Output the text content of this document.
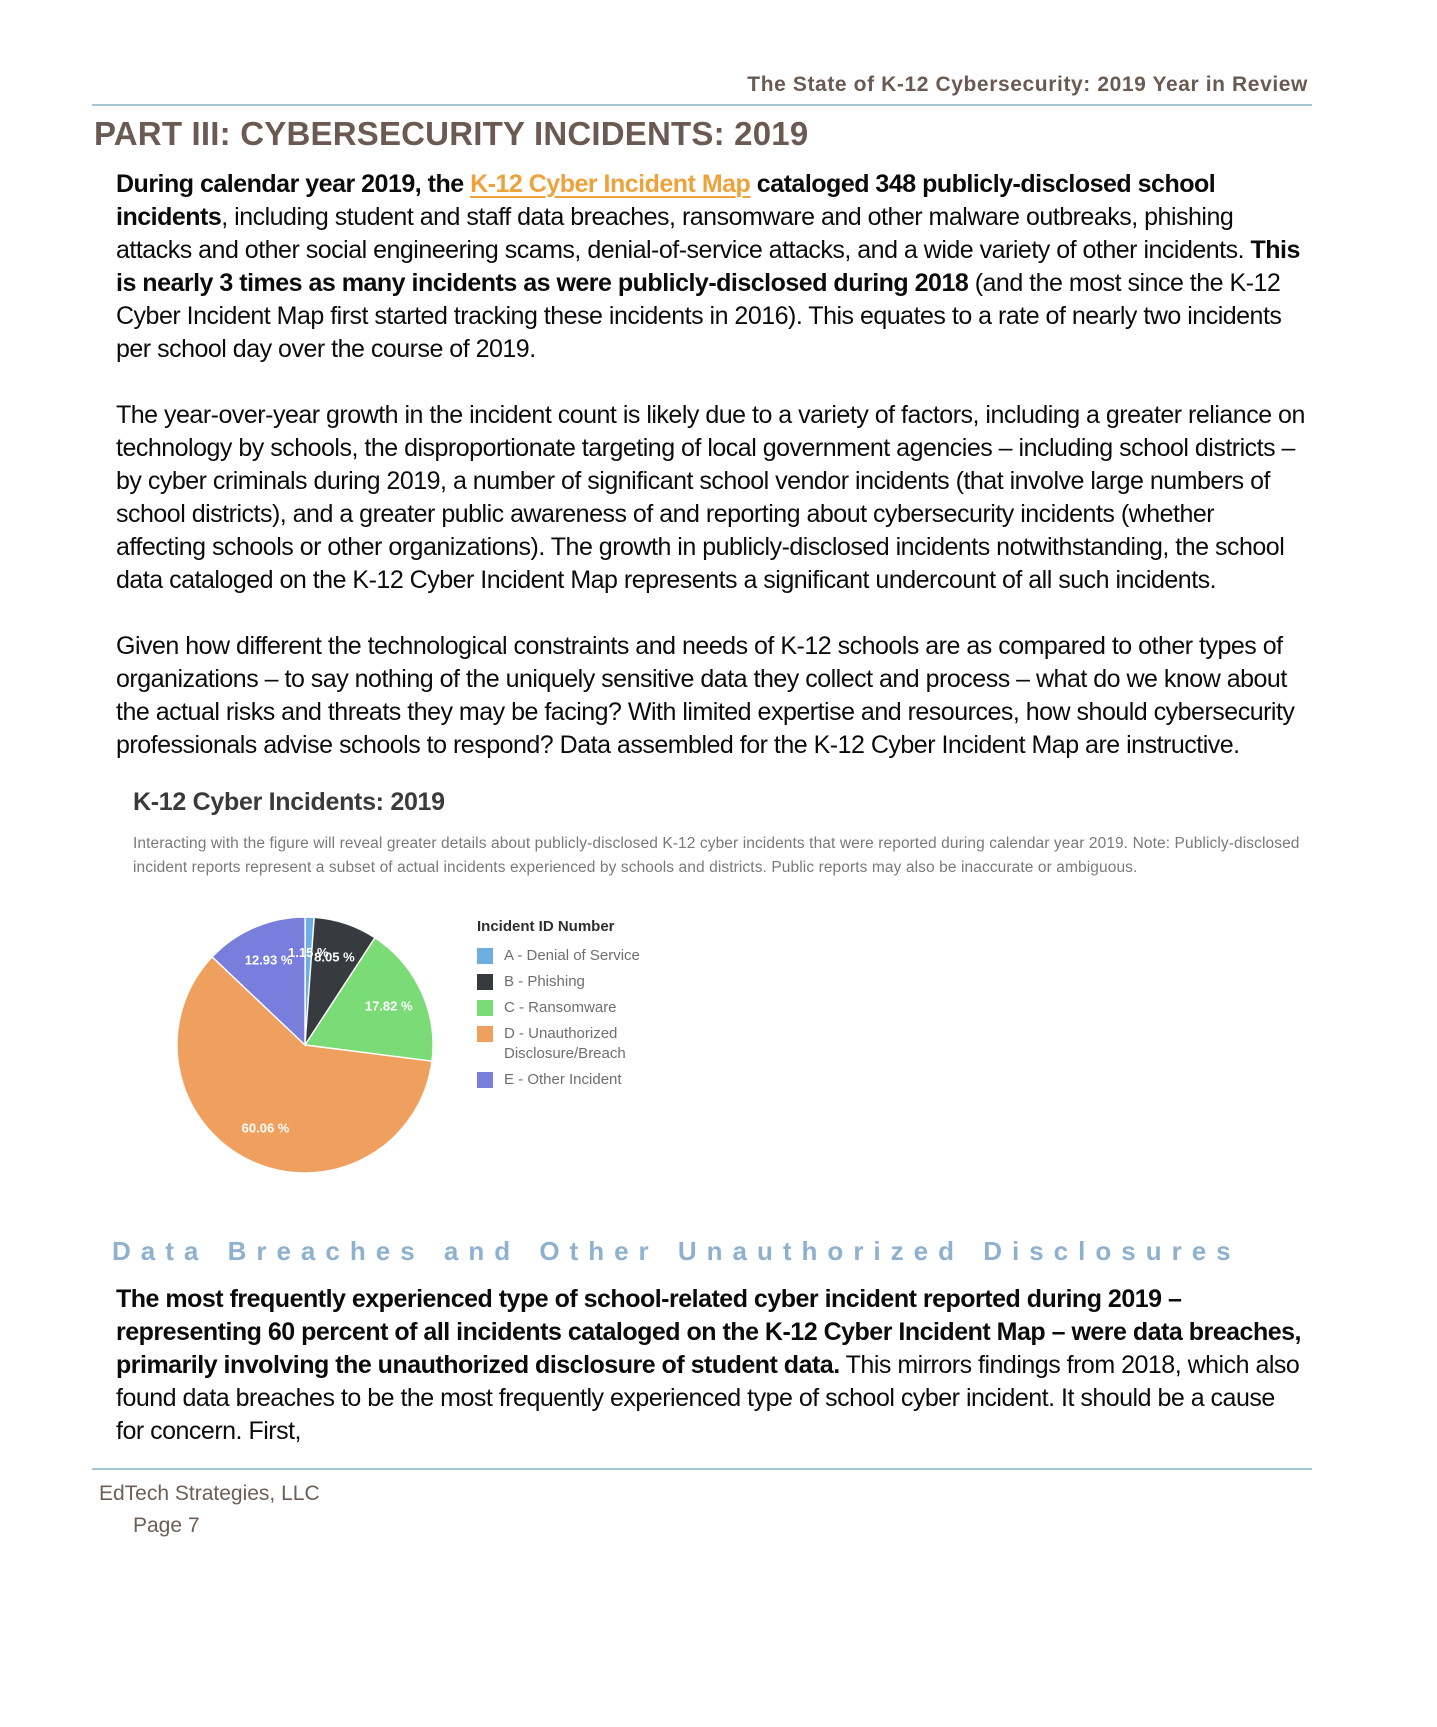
The State of K-12 Cybersecurity: 2019 Year in Review
PART III: CYBERSECURITY INCIDENTS: 2019

During calendar year 2019, the K-12 Cyber Incident Map cataloged 348 publicly-disclosed school incidents, including student and staff data breaches, ransomware and other malware outbreaks, phishing attacks and other social engineering scams, denial-of-service attacks, and a wide variety of other incidents. This is nearly 3 times as many incidents as were publicly-disclosed during 2018 (and the most since the K-12 Cyber Incident Map first started tracking these incidents in 2016). This equates to a rate of nearly two incidents per school day over the course of 2019.

The year-over-year growth in the incident count is likely due to a variety of factors, including a greater reliance on technology by schools, the disproportionate targeting of local government agencies – including school districts – by cyber criminals during 2019, a number of significant school vendor incidents (that involve large numbers of school districts), and a greater public awareness of and reporting about cybersecurity incidents (whether affecting schools or other organizations). The growth in publicly-disclosed incidents notwithstanding, the school data cataloged on the K-12 Cyber Incident Map represents a significant undercount of all such incidents.

Given how different the technological constraints and needs of K-12 schools are as compared to other types of organizations – to say nothing of the uniquely sensitive data they collect and process – what do we know about the actual risks and threats they may be facing? With limited expertise and resources, how should cybersecurity professionals advise schools to respond? Data assembled for the K-12 Cyber Incident Map are instructive.

K-12 Cyber Incidents: 2019
Interacting with the figure will reveal greater details about publicly-disclosed K-12 cyber incidents that were reported during calendar year 2019. Note: Publicly-disclosed incident reports represent a subset of actual incidents experienced by schools and districts. Public reports may also be inaccurate or ambiguous.
1.15 %
8.05 %
17.82 %
60.06 %
12.93 %
Incident ID Number
A - Denial of Service
B - Phishing
C - Ransomware
D - Unauthorized Disclosure/Breach
E - Other Incident
Data Breaches and Other Unauthorized Disclosures

The most frequently experienced type of school-related cyber incident reported during 2019 – representing 60 percent of all incidents cataloged on the K-12 Cyber Incident Map – were data breaches, primarily involving the unauthorized disclosure of student data. This mirrors findings from 2018, which also found data breaches to be the most frequently experienced type of school cyber incident. It should be a cause for concern. First,

EdTech Strategies, LLC
Page 7
